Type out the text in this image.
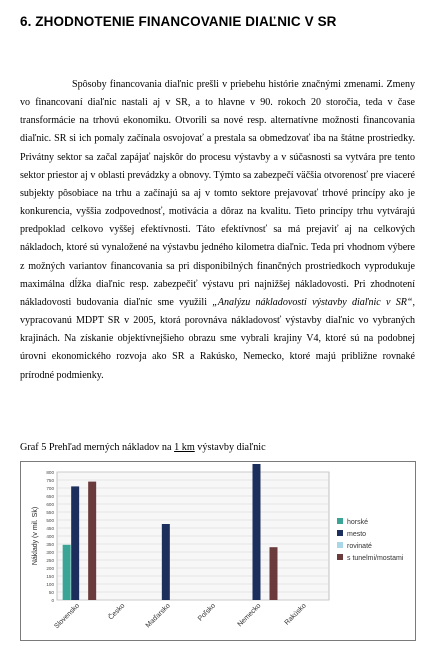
6. ZHODNOTENIE FINANCOVANIE DIAĽNIC V SR
Spôsoby financovania diaľnic prešli v priebehu histórie značnými zmenami. Zmeny vo financovaní diaľnic nastali aj v SR, a to hlavne v 90. rokoch 20 storočia, teda v čase transformácie na trhovú ekonomiku. Otvorili sa nové resp. alternatívne možnosti financovania diaľnic. SR si ich pomaly začínala osvojovať a prestala sa obmedzovať iba na štátne prostriedky. Privátny sektor sa začal zapájať najskôr do procesu výstavby a v súčasnosti sa vytvára pre tento sektor priestor aj v oblasti prevádzky a obnovy. Týmto sa zabezpečí väčšia otvorenosť pre viaceré subjekty pôsobiace na trhu a začínajú sa aj v tomto sektore prejavovať trhové princípy ako je konkurencia, vyššia zodpovednosť, motivácia a dôraz na kvalitu. Tieto princípy trhu vytvárajú predpoklad celkovo vyššej efektívnosti. Táto efektívnosť sa má prejaviť aj na celkových nákladoch, ktoré sú vynaložené na výstavbu jedného kilometra diaľnic. Teda pri vhodnom výbere z možných variantov financovania sa pri disponibilných finančných prostriedkoch vyprodukuje maximálna dĺžka diaľnic resp. zabezpečiť výstavu pri najnižšej nákladovosti. Pri zhodnotení nákladovosti budovania diaľníc sme využili „Analýzu nákladovosti výstavby diaľnic v SR“, vypracovanú MDPT SR v 2005, ktorá porovnáva nákladovosť výstavby diaľnic vo vybraných krajinách. Na získanie objektívnejšieho obrazu sme vybrali krajiny V4, ktoré sú na podobnej úrovni ekonomického rozvoja ako SR a Rakúsko, Nemecko, ktoré majú približne rovnaké prírodné podmienky.
Graf 5 Prehľad merných nákladov na 1 km výstavby diaľnic
0
50
100
150
200
250
300
350
400
450
500
550
600
650
700
750
800
Náklady (v mil. Sk)
Slovensko	Česko	Maďarsko	Poľsko	Nemecko	Rakúsko
horské
mesto
rovinaté
s tunelmi/mostami
